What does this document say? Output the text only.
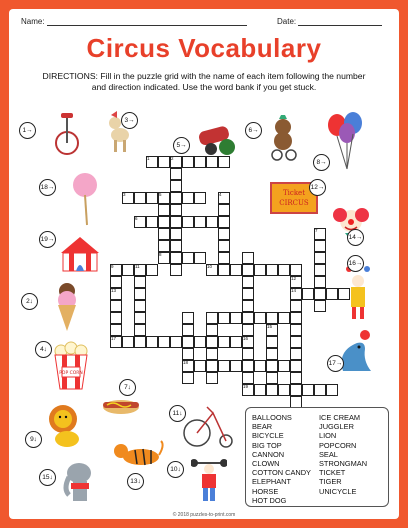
Name:	Date:
Circus Vocabulary
DIRECTIONS: Fill in the puzzle grid with the name of each item following the number and direction indicated. Use the word bank if you get stuck.
1	2
3	4
5
6
7
8
9	10
11
12
13	14
15
16
17
18
19
Ticket
CIRCUS
POP CORN
1→
3→
5→
6→
8→
18→	12→
19→	14→
16→
2↓
4↓
17→
7↓
9↓
11↓
10↓
15↓
13↓
BALLOONS
BEAR
BICYCLE
BIG TOP
CANNON
CLOWN
COTTON CANDY
ELEPHANT
HORSE
HOT DOG
ICE CREAM
JUGGLER
LION
POPCORN
SEAL
STRONGMAN
TICKET
TIGER
UNICYCLE
© 2018 puzzles-to-print.com
